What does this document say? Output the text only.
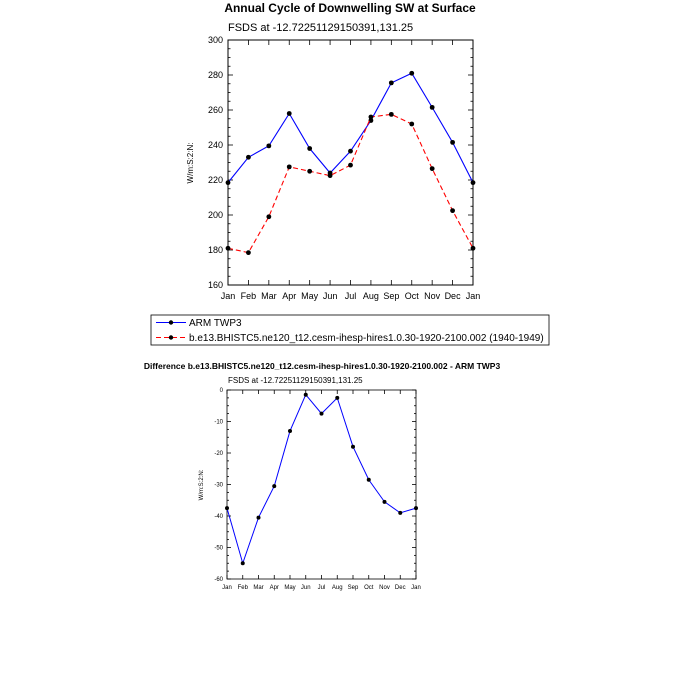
Annual Cycle of Downwelling SW at Surface
FSDS at -12.72251129150391,131.25
W/m:S:2:N:
Jan Feb Mar Apr May Jun Jul Aug Sep Oct Nov Dec Jan
160
180
200
220
240
260
280
300
ARM TWP3
b.e13.BHISTC5.ne120_t12.cesm-ihesp-hires1.0.30-1920-2100.002 (1940-1949)
Difference b.e13.BHISTC5.ne120_t12.cesm-ihesp-hires1.0.30-1920-2100.002 - ARM TWP3
FSDS at -12.72251129150391,131.25
W/m:S:2:N:
Jan Feb Mar Apr May Jun Jul Aug Sep Oct Nov Dec Jan
-60
-50
-40
-30
-20
-10
0
